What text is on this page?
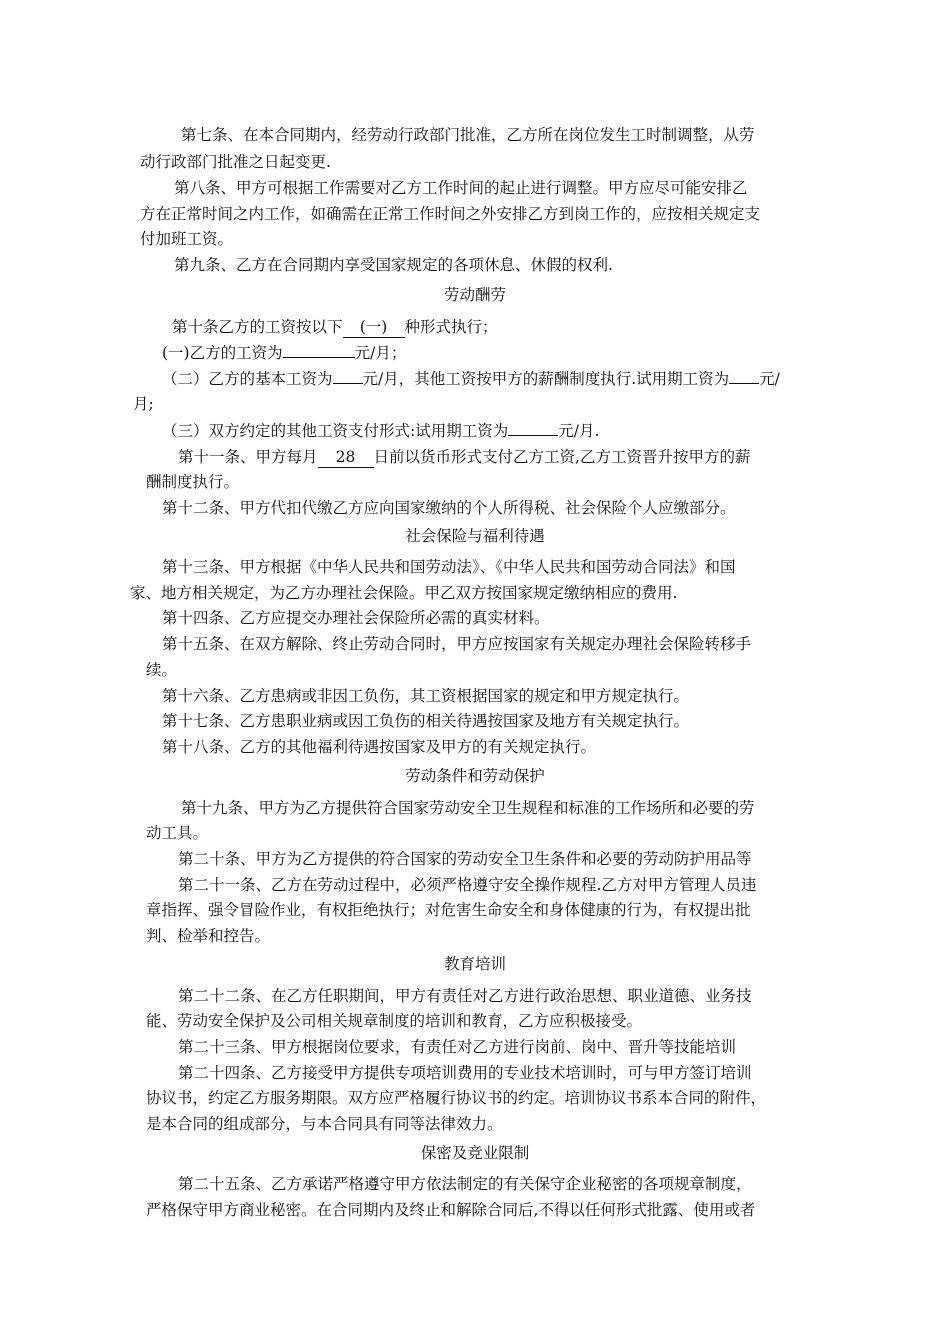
第七条、在本合同期内，经劳动行政部门批准，乙方所在岗位发生工时制调整，从劳
动行政部门批准之日起变更.
第八条、甲方可根据工作需要对乙方工作时间的起止进行调整。甲方应尽可能安排乙
方在正常时间之内工作，如确需在正常工作时间之外安排乙方到岗工作的，应按相关规定支
付加班工资。
第九条、乙方在合同期内享受国家规定的各项休息、休假的权利.
劳动酬劳
第十条乙方的工资按以下 (一) 种形式执行；
(一)乙方的工资为	元/月；
（二）乙方的基本工资为 元/月，其他工资按甲方的薪酬制度执行.试用期工资为 元/
月;
（三）双方约定的其他工资支付形式:试用期工资为	元/月.
第十一条、甲方每月 28 日前以货币形式支付乙方工资,乙方工资晋升按甲方的薪
酬制度执行。
第十二条、甲方代扣代缴乙方应向国家缴纳的个人所得税、社会保险个人应缴部分。
社会保险与福利待遇
第十三条、甲方根据《中华人民共和国劳动法》、《中华人民共和国劳动合同法》和国
家、地方相关规定，为乙方办理社会保险。甲乙双方按国家规定缴纳相应的费用.
第十四条、乙方应提交办理社会保险所必需的真实材料。
第十五条、在双方解除、终止劳动合同时，甲方应按国家有关规定办理社会保险转移手
续。
第十六条、乙方患病或非因工负伤，其工资根据国家的规定和甲方规定执行。
第十七条、乙方患职业病或因工负伤的相关待遇按国家及地方有关规定执行。
第十八条、乙方的其他福利待遇按国家及甲方的有关规定执行。
劳动条件和劳动保护
第十九条、甲方为乙方提供符合国家劳动安全卫生规程和标准的工作场所和必要的劳
动工具。
第二十条、甲方为乙方提供的符合国家的劳动安全卫生条件和必要的劳动防护用品等
第二十一条、乙方在劳动过程中，必须严格遵守安全操作规程.乙方对甲方管理人员违
章指挥、强令冒险作业，有权拒绝执行；对危害生命安全和身体健康的行为，有权提出批
判、检举和控告。
教育培训
第二十二条、在乙方任职期间，甲方有责任对乙方进行政治思想、职业道德、业务技
能、劳动安全保护及公司相关规章制度的培训和教育，乙方应积极接受。
第二十三条、甲方根据岗位要求，有责任对乙方进行岗前、岗中、晋升等技能培训
第二十四条、乙方接受甲方提供专项培训费用的专业技术培训时，可与甲方签订培训
协议书，约定乙方服务期限。双方应严格履行协议书的约定。培训协议书系本合同的附件，
是本合同的组成部分，与本合同具有同等法律效力。
保密及竞业限制
第二十五条、乙方承诺严格遵守甲方依法制定的有关保守企业秘密的各项规章制度，
严格保守甲方商业秘密。在合同期内及终止和解除合同后,不得以任何形式批露、使用或者
